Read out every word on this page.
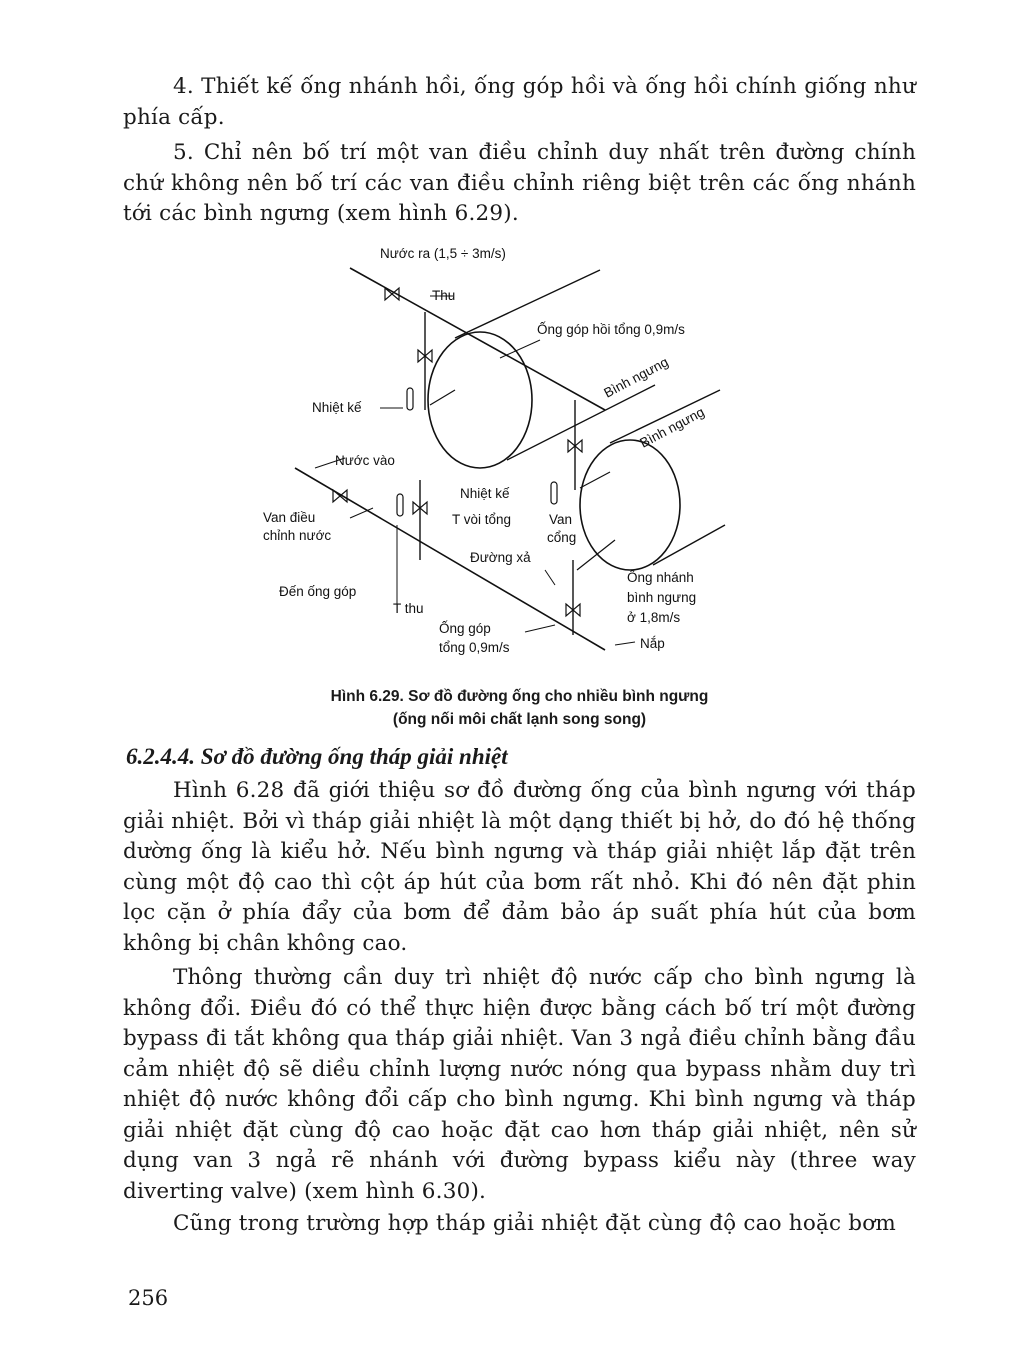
4. Thiết kế ống nhánh hồi, ống góp hồi và ống hồi chính giống như phía cấp.

5. Chỉ nên bố trí một van điều chỉnh duy nhất trên đường chính chứ không nên bố trí các van điều chỉnh riêng biệt trên các ống nhánh tới các bình ngưng (xem hình 6.29).

Nước ra (1,5 ÷ 3m/s)
Thu
Ống góp hồi tổng 0,9m/s
Bình ngưng
Bình ngưng
Nhiệt kế
Nước vào
Van điều
chỉnh nước
Nhiệt kế
T vòi tổng	Van
cổng
Đường xả
Đến ống góp
T thu
Ống nhánh
bình ngưng
ở 1,8m/s
Ống góp
tổng 0,9m/s	Nắp
Hình 6.29. Sơ đồ đường ống cho nhiều bình ngưng
(ống nối môi chất lạnh song song)
6.2.4.4. Sơ đồ đường ống tháp giải nhiệt

Hình 6.28 đã giới thiệu sơ đồ đường ống của bình ngưng với tháp giải nhiệt. Bởi vì tháp giải nhiệt là một dạng thiết bị hở, do đó hệ thống dường ống là kiểu hở. Nếu bình ngưng và tháp giải nhiệt lắp đặt trên cùng một độ cao thì cột áp hút của bơm rất nhỏ. Khi đó nên đặt phin lọc cặn ở phía đẩy của bơm để đảm bảo áp suất phía hút của bơm không bị chân không cao.

Thông thường cần duy trì nhiệt độ nước cấp cho bình ngưng là không đổi. Điều đó có thể thực hiện được bằng cách bố trí một đường bypass đi tắt không qua tháp giải nhiệt. Van 3 ngả điều chỉnh bằng đầu cảm nhiệt độ sẽ diều chỉnh lượng nước nóng qua bypass nhằm duy trì nhiệt độ nước không đổi cấp cho bình ngưng. Khi bình ngưng và tháp giải nhiệt đặt cùng độ cao hoặc đặt cao hơn tháp giải nhiệt, nên sử dụng van 3 ngả rẽ nhánh với đường bypass kiểu này (three way diverting valve) (xem hình 6.30).

Cũng trong trường hợp tháp giải nhiệt đặt cùng độ cao hoặc bơm

256
